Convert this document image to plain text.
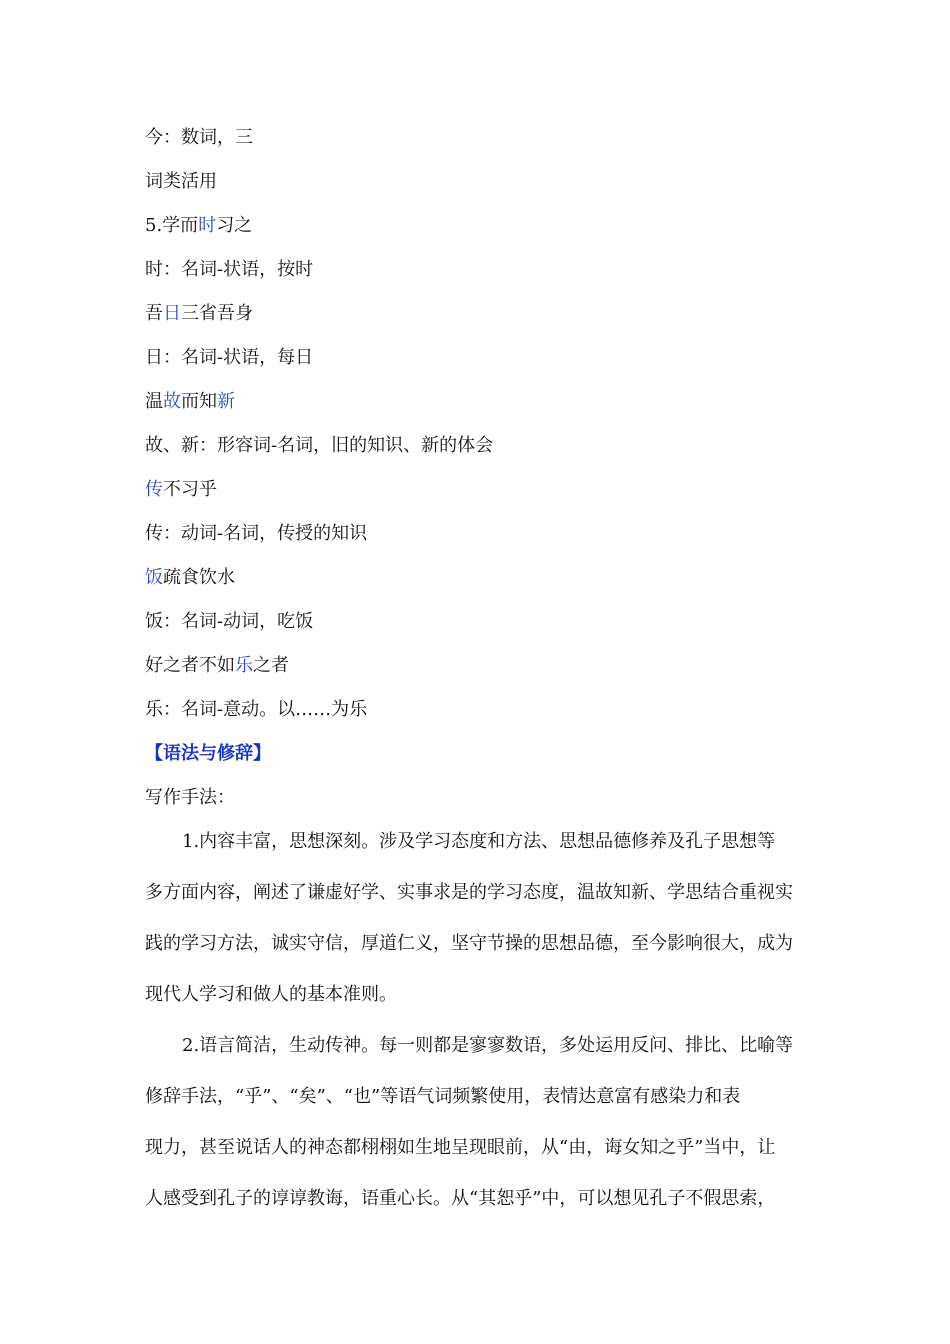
今：数词，三
词类活用
5.学而时习之
时：名词-状语，按时
吾日三省吾身
日：名词-状语，每日
温故而知新
故、新：形容词-名词，旧的知识、新的体会
传不习乎
传：动词-名词，传授的知识
饭疏食饮水
饭：名词-动词，吃饭
好之者不如乐之者
乐：名词-意动。以……为乐
【语法与修辞】
写作手法：
1.内容丰富，思想深刻。涉及学习态度和方法、思想品德修养及孔子思想等
多方面内容，阐述了谦虚好学、实事求是的学习态度，温故知新、学思结合重视实
践的学习方法，诚实守信，厚道仁义，坚守节操的思想品德，至今影响很大，成为
现代人学习和做人的基本准则。
2.语言简洁，生动传神。每一则都是寥寥数语，多处运用反问、排比、比喻等
修辞手法，“乎”、“矣”、“也”等语气词频繁使用，表情达意富有感染力和表
现力，甚至说话人的神态都栩栩如生地呈现眼前，从“由，诲女知之乎”当中，让
人感受到孔子的谆谆教诲，语重心长。从“其恕乎”中，可以想见孔子不假思索，
